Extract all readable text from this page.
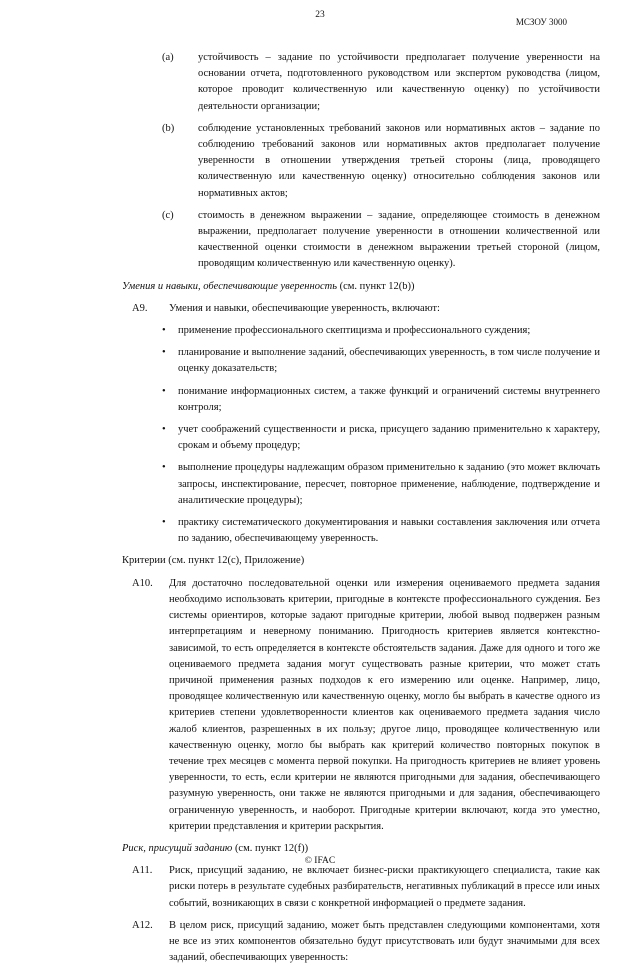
23
МСЗОУ 3000
(a)	устойчивость – задание по устойчивости предполагает получение уверенности на основании отчета, подготовленного руководством или экспертом руководства (лицом, которое проводит количественную или качественную оценку) по устойчивости деятельности организации;
(b)	соблюдение установленных требований законов или нормативных актов – задание по соблюдению требований законов или нормативных актов предполагает получение уверенности в отношении утверждения третьей стороны (лица, проводящего количественную или качественную оценку) относительно соблюдения законов или нормативных актов;
(c)	стоимость в денежном выражении – задание, определяющее стоимость в денежном выражении, предполагает получение уверенности в отношении количественной или качественной оценки стоимости в денежном выражении третьей стороной (лицом, проводящим количественную или качественную оценку).
Умения и навыки, обеспечивающие уверенность (см. пункт 12(b))
A9.	Умения и навыки, обеспечивающие уверенность, включают:
•	применение профессионального скептицизма и профессионального суждения;
•	планирование и выполнение заданий, обеспечивающих уверенность, в том числе получение и оценку доказательств;
•	понимание информационных систем, а также функций и ограничений системы внутреннего контроля;
•	учет соображений существенности и риска, присущего заданию применительно к характеру, срокам и объему процедур;
•	выполнение процедуры надлежащим образом применительно к заданию (это может включать запросы, инспектирование, пересчет, повторное применение, наблюдение, подтверждение и аналитические процедуры);
•	практику систематического документирования и навыки составления заключения или отчета по заданию, обеспечивающему уверенность.
Критерии (см. пункт 12(c), Приложение)
A10.	Для достаточно последовательной оценки или измерения оцениваемого предмета задания необходимо использовать критерии, пригодные в контексте профессионального суждения. Без системы ориентиров, которые задают пригодные критерии, любой вывод подвержен разным интерпретациям и неверному пониманию. Пригодность критериев является контекстно-зависимой, то есть определяется в контексте обстоятельств задания. Даже для одного и того же оцениваемого предмета задания могут существовать разные критерии, что может стать причиной применения разных подходов к его измерению или оценке. Например, лицо, проводящее количественную или качественную оценку, могло бы выбрать в качестве одного из критериев степени удовлетворенности клиентов как оцениваемого предмета задания число жалоб клиентов, разрешенных в их пользу; другое лицо, проводящее количественную или качественную оценку, могло бы выбрать как критерий количество повторных покупок в течение трех месяцев с момента первой покупки. На пригодность критериев не влияет уровень уверенности, то есть, если критерии не являются пригодными для задания, обеспечивающего разумную уверенность, они также не являются пригодными и для задания, обеспечивающего ограниченную уверенность, и наоборот. Пригодные критерии включают, когда это уместно, критерии представления и критерии раскрытия.
Риск, присущий заданию (см. пункт 12(f))
A11.	Риск, присущий заданию, не включает бизнес-риски практикующего специалиста, такие как риски потерь в результате судебных разбирательств, негативных публикаций в прессе или иных событий, возникающих в связи с конкретной информацией о предмете задания.
A12.	В целом риск, присущий заданию, может быть представлен следующими компонентами, хотя не все из этих компонентов обязательно будут присутствовать или будут значимыми для всех заданий, обеспечивающих уверенность:
© IFAC
